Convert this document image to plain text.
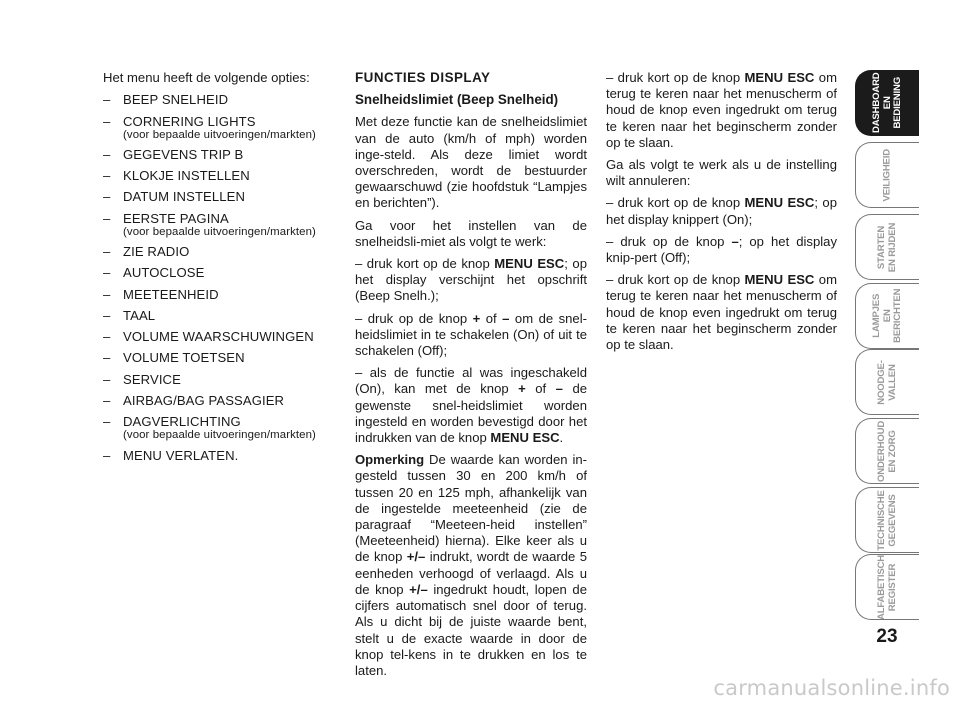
Het menu heeft de volgende opties:

– BEEP SNELHEID
– CORNERING LIGHTS
(voor bepaalde uitvoeringen/markten)
– GEGEVENS TRIP B
– KLOKJE INSTELLEN
– DATUM INSTELLEN
– EERSTE PAGINA
(voor bepaalde uitvoeringen/markten)
– ZIE RADIO
– AUTOCLOSE
– MEETEENHEID
– TAAL
– VOLUME WAARSCHUWINGEN
– VOLUME TOETSEN
– SERVICE
– AIRBAG/BAG PASSAGIER
– DAGVERLICHTING
(voor bepaalde uitvoeringen/markten)
– MENU VERLATEN.

FUNCTIES DISPLAY

Snelheidslimiet (Beep Snelheid)

Met deze functie kan de snelheidslimiet van de auto (km/h of mph) worden inge-steld. Als deze limiet wordt overschreden, wordt de bestuurder gewaarschuwd (zie hoofdstuk “Lampjes en berichten”).

Ga voor het instellen van de snelheidsli-miet als volgt te werk:

– druk kort op de knop MENU ESC; op het display verschijnt het opschrift (Beep Snelh.);

– druk op de knop + of – om de snel-heidslimiet in te schakelen (On) of uit te schakelen (Off);

– als de functie al was ingeschakeld (On), kan met de knop + of – de gewenste snel-heidslimiet worden ingesteld en worden bevestigd door het indrukken van de knop MENU ESC.

Opmerking De waarde kan worden in-gesteld tussen 30 en 200 km/h of tussen 20 en 125 mph, afhankelijk van de ingestelde meeteenheid (zie de paragraaf “Meeteen-heid instellen” (Meeteenheid) hierna). Elke keer als u de knop +/– indrukt, wordt de waarde 5 eenheden verhoogd of verlaagd. Als u de knop +/– ingedrukt houdt, lopen de cijfers automatisch snel door of terug. Als u dicht bij de juiste waarde bent, stelt u de exacte waarde in door de knop tel-kens in te drukken en los te laten.

– druk kort op de knop MENU ESC om terug te keren naar het menuscherm of houd de knop even ingedrukt om terug te keren naar het beginscherm zonder op te slaan.

Ga als volgt te werk als u de instelling wilt annuleren:

– druk kort op de knop MENU ESC; op het display knippert (On);

– druk op de knop –; op het display knip-pert (Off);

– druk kort op de knop MENU ESC om terug te keren naar het menuscherm of houd de knop even ingedrukt om terug te keren naar het beginscherm zonder op te slaan.

DASHBOARD
EN BEDIENING
VEILIGHEID
STARTEN
EN RIJDEN
LAMPJES
EN BERICHTEN
NOODGE-
VALLEN
ONDERHOUD
EN ZORG
TECHNISCHE
GEGEVENS
ALFABETISCH
REGISTER
23
carmanualsonline.info
